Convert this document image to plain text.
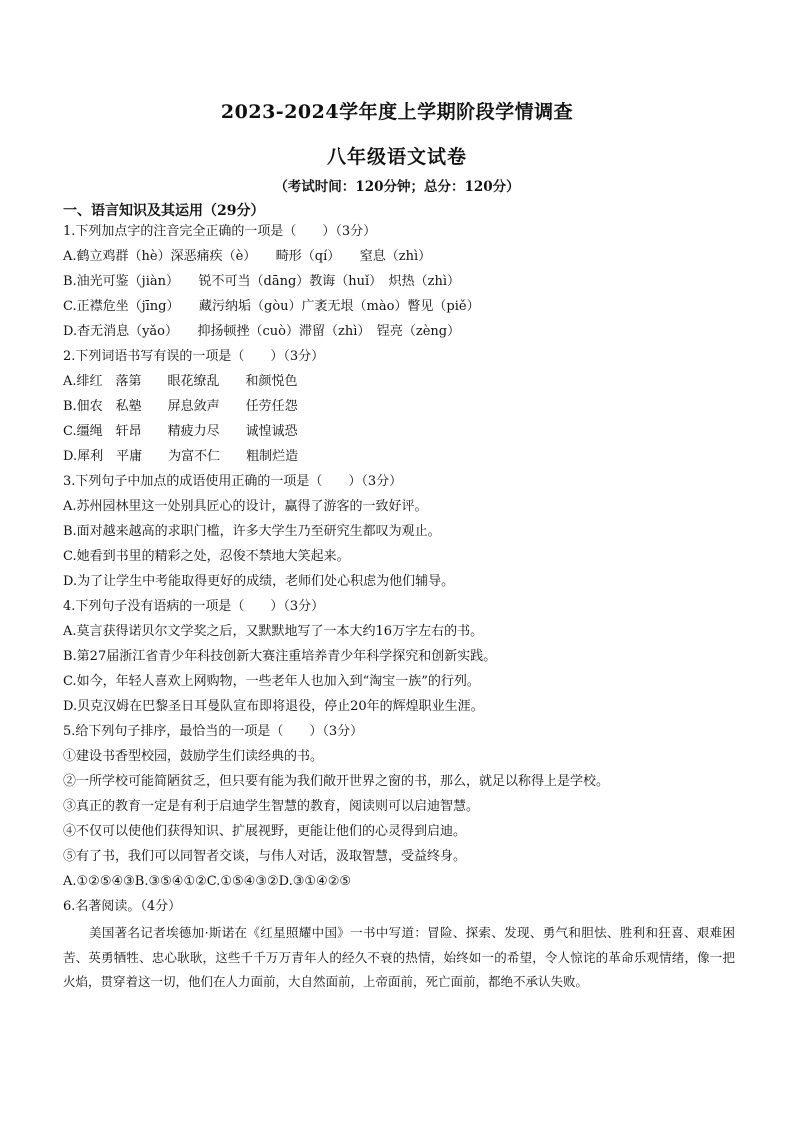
2023-2024学年度上学期阶段学情调查
八年级语文试卷
（考试时间：120分钟；总分：120分）
一、语言知识及其运用（29分）
1.下列加点字的注音完全正确的一项是（　　）（3分）
A.鹤立鸡群（hè）深恶痛疾（è）　　畸形（qí）　　窒息（zhì）
B.油光可鉴（jiàn）　　锐不可当（dāng）教诲（huǐ）　炽热（zhì）
C.正襟危坐（jīng）　　藏污纳垢（gòu）广袤无垠（mào）瞥见（piě）
D.杳无消息（yǎo）　　抑扬顿挫（cuò）滞留（zhì）　锃亮（zèng）
2.下列词语书写有误的一项是（　　）（3分）
A.绯红　落第　　眼花缭乱　　和颜悦色
B.佃农　私塾　　屏息敛声　　任劳任怨
C.缰绳　轩昂　　精疲力尽　　诚惶诚恐
D.犀利　平庸　　为富不仁　　粗制烂造
3.下列句子中加点的成语使用正确的一项是（　　）（3分）
A.苏州园林里这一处别具匠心的设计，赢得了游客的一致好评。
B.面对越来越高的求职门槛，许多大学生乃至研究生都叹为观止。
C.她看到书里的精彩之处，忍俊不禁地大笑起来。
D.为了让学生中考能取得更好的成绩，老师们处心积虑为他们辅导。
4.下列句子没有语病的一项是（　　）（3分）
A.莫言获得诺贝尔文学奖之后，又默默地写了一本大约16万字左右的书。
B.第27届浙江省青少年科技创新大赛注重培养青少年科学探究和创新实践。
C.如今，年轻人喜欢上网购物，一些老年人也加入到“淘宝一族”的行列。
D.贝克汉姆在巴黎圣日耳曼队宣布即将退役，停止20年的辉煌职业生涯。
5.给下列句子排序，最恰当的一项是（　　）（3分）
①建设书香型校园，鼓励学生们读经典的书。
②一所学校可能简陋贫乏，但只要有能为我们敞开世界之窗的书，那么，就足以称得上是学校。
③真正的教育一定是有利于启迪学生智慧的教育，阅读则可以启迪智慧。
④不仅可以使他们获得知识、扩展视野，更能让他们的心灵得到启迪。
⑤有了书，我们可以同智者交谈，与伟人对话，汲取智慧，受益终身。
A.①②⑤④③B.③⑤④①②C.①⑤④③②D.③①④②⑤
6.名著阅读。（4分）
美国著名记者埃德加·斯诺在《红星照耀中国》一书中写道：冒险、探索、发现、勇气和胆怯、胜利和狂喜、艰难困苦、英勇牺牲、忠心耿耿，这些千千万万青年人的经久不衰的热情，始终如一的希望，令人惊诧的革命乐观情绪，像一把火焰，贯穿着这一切，他们在人力面前，大自然面前，上帝面前，死亡面前，都绝不承认失败。
